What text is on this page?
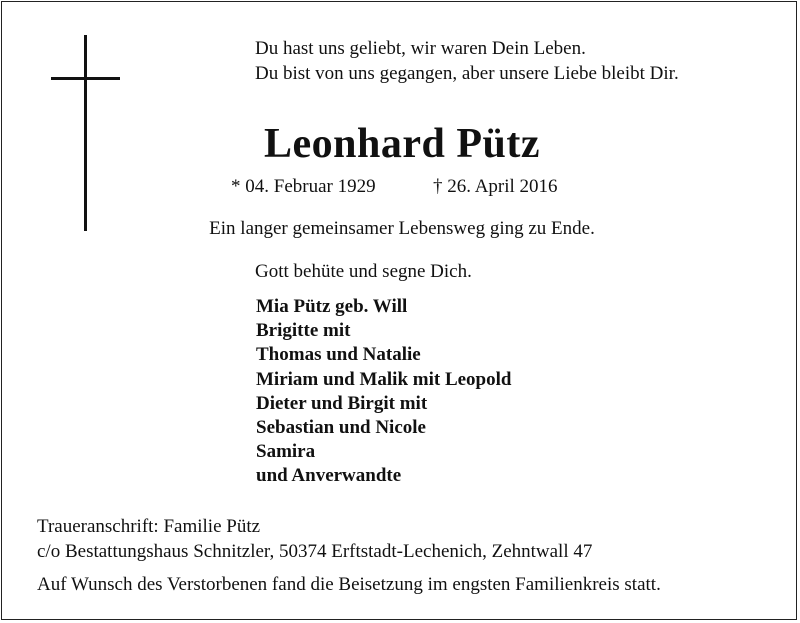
Du hast uns geliebt, wir waren Dein Leben.
Du bist von uns gegangen, aber unsere Liebe bleibt Dir.
Leonhard Pütz
* 04. Februar 1929	† 26. April 2016
Ein langer gemeinsamer Lebensweg ging zu Ende.
Gott behüte und segne Dich.
Mia Pütz geb. Will
Brigitte mit
Thomas und Natalie
Miriam und Malik mit Leopold
Dieter und Birgit mit
Sebastian und Nicole
Samira
und Anverwandte
Traueranschrift: Familie Pütz
c/o Bestattungshaus Schnitzler, 50374 Erftstadt-Lechenich, Zehntwall 47
Auf Wunsch des Verstorbenen fand die Beisetzung im engsten Familienkreis statt.
